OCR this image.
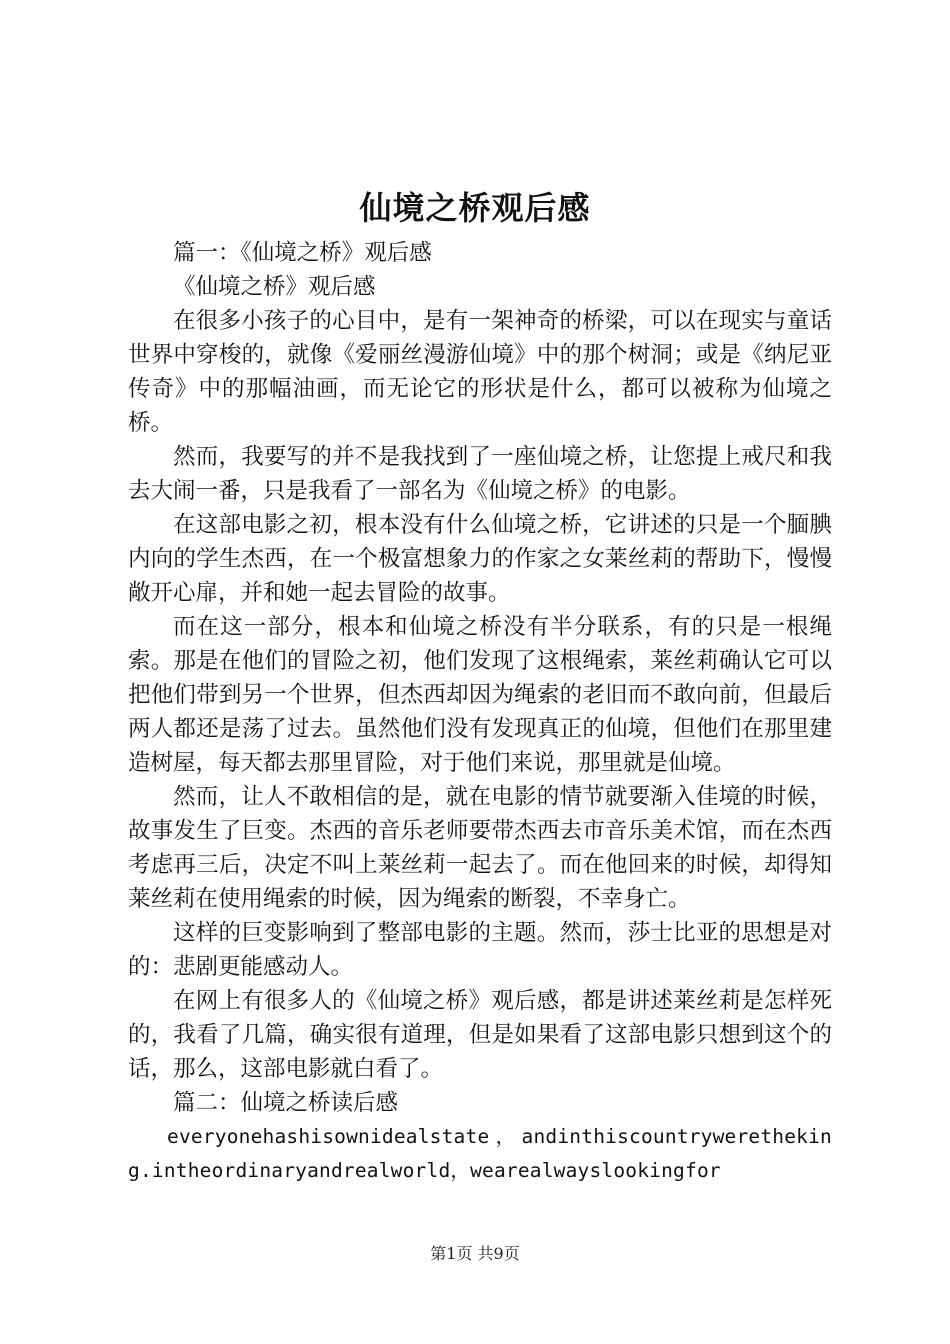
仙境之桥观后感

篇一：《仙境之桥》观后感

《仙境之桥》观后感

在很多小孩子的心目中，是有一架神奇的桥梁，可以在现实与童话世界中穿梭的，就像《爱丽丝漫游仙境》中的那个树洞；或是《纳尼亚传奇》中的那幅油画，而无论它的形状是什么，都可以被称为仙境之桥。

然而，我要写的并不是我找到了一座仙境之桥，让您提上戒尺和我去大闹一番，只是我看了一部名为《仙境之桥》的电影。

在这部电影之初，根本没有什么仙境之桥，它讲述的只是一个腼腆内向的学生杰西，在一个极富想象力的作家之女莱丝莉的帮助下，慢慢敞开心扉，并和她一起去冒险的故事。

而在这一部分，根本和仙境之桥没有半分联系，有的只是一根绳索。那是在他们的冒险之初，他们发现了这根绳索，莱丝莉确认它可以把他们带到另一个世界，但杰西却因为绳索的老旧而不敢向前，但最后两人都还是荡了过去。虽然他们没有发现真正的仙境，但他们在那里建造树屋，每天都去那里冒险，对于他们来说，那里就是仙境。

然而，让人不敢相信的是，就在电影的情节就要渐入佳境的时候，故事发生了巨变。杰西的音乐老师要带杰西去市音乐美术馆，而在杰西考虑再三后，决定不叫上莱丝莉一起去了。而在他回来的时候，却得知莱丝莉在使用绳索的时候，因为绳索的断裂，不幸身亡。

这样的巨变影响到了整部电影的主题。然而，莎士比亚的思想是对的：悲剧更能感动人。

在网上有很多人的《仙境之桥》观后感，都是讲述莱丝莉是怎样死的，我看了几篇，确实很有道理，但是如果看了这部电影只想到这个的话，那么，这部电影就白看了。

篇二：仙境之桥读后感

everyonehashisownidealstate，andinthiscountryweretheking.intheordinaryandrealworld，wearealwayslookingfor

第1页 共9页
